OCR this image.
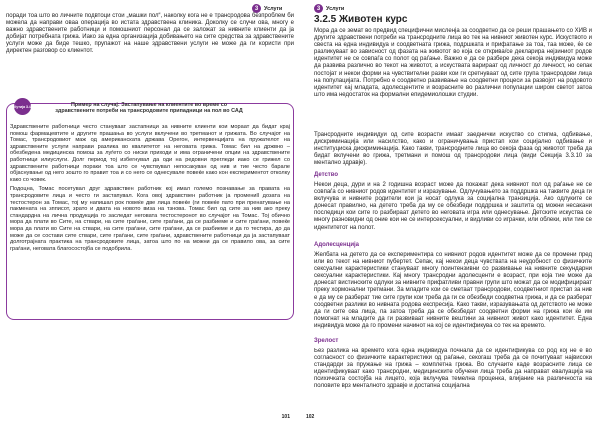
3	Услуги
поради тоа што во личните подвтоци стои „машки пол“, наколку кога не е трансродова безпроблем би можела да направи оваа операција во истата здравствена клиника. Доколку се случи ова, многу е важно здравствените работници и помошниот персонал да се заложат за нивните клиенти да ја добијат потребната грижа. Иако за една организација добивањето на сите средства за здравствените услуги може да биде тешко, прупажот на наше здравствени услуги не може да ги користи при директен разговор со клиентот.
Кутија 3.4	Пример на случај: Застапување на клиентите во време со здравствените потреби на трансродовите припадници на пол во САД

Здравствените работници често стануваат застапници за нивните клиенти кои мораат да бидат крај помош фармацевтите и другите прашања во услуги вклучени во третманот и грижата. Во случајот на Томас, трансродовиот маж од американската држава Орегон, интервенцијата на пружателот на здравствените услуги направи разлика во квалитетот на неговата грижа. Томас бил на држвно – обезбедена медицинска помош за луѓето со ниски приходи и има ограничени опции на здравствените работници илиуслуги. Долг период тој избегнувал да оди на редовни прегледи иако се грижел со здравствените работници пораки тоа што се чувствувал непосакуван од нив и тие често барале објаснување од него зошто го правит тоа и со него се однесувале повеќе како кон експериментот отколку како со човек.

Подоцна, Томас посетувал друг здравствен работник кој имал големо познавање за правата на трансродовите лица и често ги застапувал. Кога овој здравствен работник ја промениll дозата на тестостерон за Томас, тој му напишал рок повеќе две лица повеќе (ги повеќе пато при пренатување на пакмената на зпписот, зрато и двата на новото виза на тзнова. Томас бил од сите за нив ако преку стандардна на лична продукција го заследат неговата тестостеронот во случајот на Томас. Тој обично мора да плати во Сите, на ствари, на сите граѓани, сите граѓани, да се разбиеме и сите граѓани, повеќе мора да плати во Сите на ствари, на сите граѓани, сите граѓани, да се разбиеме и да го тестира, до да може да се состави сите ствари, сите граѓани, сите граѓани, здравствените работници да ја застапуваат долготрајната практика на трансродовите лица, затоа што по на можни да се правило ова, за сите граѓани, неговата благосостојба се подобрила.

101
3	Услуги
3.2.5 Животен курс
Мора да се земат во предвид специфични мисленја за соодветно да се реши прашањето со ХИВ и другите здравствени потреби на трансродните лица во тек на нивниот животен курс. Искуството и свеста на една индивидуа и соодветната грижа, подршката и прифатање за тоа, таа може, ќе се разликуваат во зависност од фазата на животот во која се открива/се декларира нејзиниот родов идентитет не се совпаѓа со полот од раѓање. Важно е да се разбере дека секоја индивидуа може да развива различно во текот на животот, а искуствата варираат од личност до личност, но сепак постојат и некои форми на чувствителни разви кои ги сретнуваат од сите група трансродови лица на популацијата. Потребно е соодветно развивање на соодветни процеси за развојот на родовото идентитет кај младата, адолесцентите и возрасните во различни популации широм светот затоа што има недостаток на формални епидемиолошки студии.
Трансродните индивидуи од сите возрасти имаат заеднички искуство со стигма, одбивање, дискриминација или насилство, како и ограничувања пристап кои социјално одбивање и институциска дискриминација. Како такви, трансродните лица во секоја фаза од животот треба да бидат вклучени во грижа, третмани и помош од трансродови лица (види Секција 3.3.10 за ментално здравје).
Детство
Некои деца, дури и на 2 годишна возраст може да покажат дека нивниот пол од раѓање не се совпаѓа со нивниот родов идентитет и изразување. Одлучувањето за поддршка на таквите деца ги вклучува и нивните родители кои ја носат одлука за социјална транзиција. Ако одлуките се донесат правилно, на детето треба да му се обезбеди поддршка и заштита од можни несакани последици кои сите го разбираат детето во неговата игра или однесување. Детските искуства се многу разновидни од оние кои не се интерсексуални, и видливи со играчки, или облеки, или тие се идентитетот на полот.
Адолесценција
Желбата на детето да се експериментира со нивниот родов идентитет може да се промени пред или во текот на нивниот пубертет. Сепак, кај некои деца чувствата на неудобност со физичките сексуални карактеристики стануваат многу поинтензивни со развивање на нивните секундарни сексуални карактеристики. Кај многу трансродни адолесценти е возраст, при која тие може да донесат вистинските одлуки за нивните прифатливи правни групи што можат да се модифицираат преку хормонални третмани. За младите кои се сметаат трансродови, соодветниот пристап за нив е да му се разберат тие сите групи кои треба да ги се обезбеди соодветна грижа, и да се разберат соодветни разлики во нивната родова експресија. Како такви, изразувањата од детството не може да ги сите ова лица, па затоа треба да се обезбедат соодветни форми на грижа кои ќе им помогнат на младите да ги развиваат нивните вештини за нивниот живот како идентитет. Една индивидуа може да го промени начинот на кој се идентификува со тек на времето.
Зрелост
Без разлика на времето кога една индивидуа почнала да се идентификува со род кој не е во согласност со физичките карактеристики од раѓање, секогаш треба да се почитуваат највисоки стандарди за пружање на грижа – комплетна грижа. Во случаите каде возрасните лица се идентификуваат како трансродни, медицинските обучени лица треба да направат евалуација на психичката состојба на лицето, која вклучува темелна проценка, влијание на различноста на половите врз менталното здравје и достапна социјална
102
